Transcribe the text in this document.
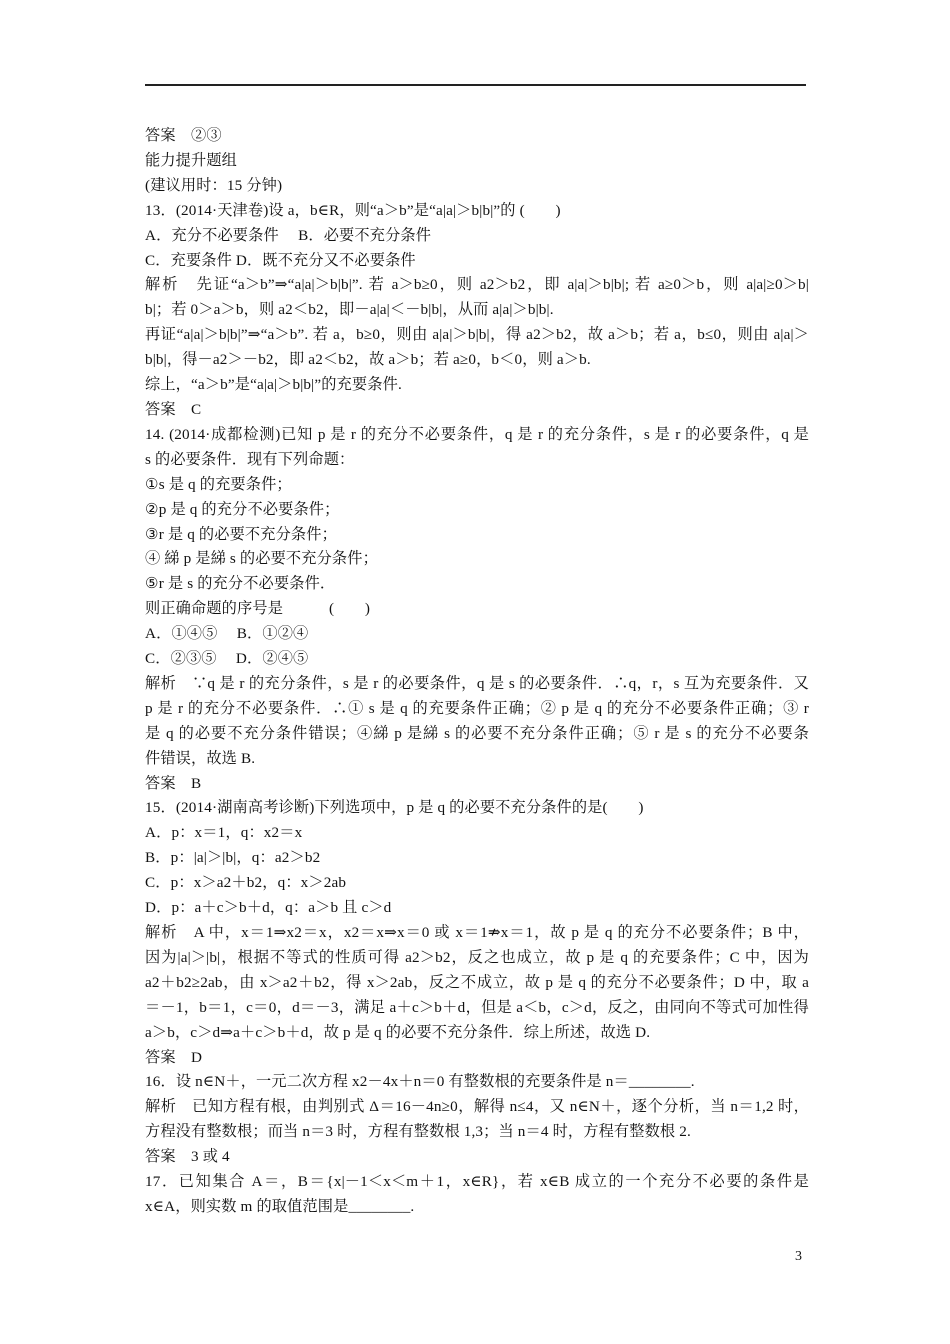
答案　②③
能力提升题组
(建议用时：15 分钟)
13．(2014·天津卷)设 a，b∈R，则“a＞b”是“a|a|＞b|b|”的 (　　)
A．充分不必要条件　 B．必要不充分条件
C．充要条件 D．既不充分又不必要条件
解析　先证“a＞b”⇒“a|a|＞b|b|”. 若 a＞b≥0，则 a2＞b2，即 a|a|＞b|b|; 若 a≥0＞b，则 a|a|≥0＞b|
b|；若 0＞a＞b，则 a2＜b2，即－a|a|＜－b|b|，从而 a|a|＞b|b|.
再证“a|a|＞b|b|”⇒“a＞b”. 若 a，b≥0，则由 a|a|＞b|b|，得 a2＞b2，故 a＞b；若 a，b≤0，则由 a|a|＞
b|b|，得－a2＞－b2，即 a2＜b2，故 a＞b；若 a≥0，b＜0，则 a＞b.
综上，“a＞b”是“a|a|＞b|b|”的充要条件.
答案　C
14. (2014·成都检测)已知 p 是 r 的充分不必要条件，q 是 r 的充分条件，s 是 r 的必要条件，q 是
s 的必要条件．现有下列命题：
①s 是 q 的充要条件；
②p 是 q 的充分不必要条件；
③r 是 q 的必要不充分条件；
④ 綈 p 是綈 s 的必要不充分条件；
⑤r 是 s 的充分不必要条件．
则正确命题的序号是　　　(　　)
A．①④⑤　 B．①②④
C．②③⑤　 D．②④⑤
解析　∵q 是 r 的充分条件，s 是 r 的必要条件，q 是 s 的必要条件．∴q，r，s 互为充要条件．又
p 是 r 的充分不必要条件．∴① s 是 q 的充要条件正确；② p 是 q 的充分不必要条件正确；③ r
是 q 的必要不充分条件错误；④綈 p 是綈 s 的必要不充分条件正确；⑤ r 是 s 的充分不必要条
件错误，故选 B.
答案　B
15．(2014·湖南高考诊断)下列选项中，p 是 q 的必要不充分条件的是(　　)
A．p：x＝1，q：x2＝x
B．p：|a|＞|b|，q：a2＞b2
C．p：x＞a2＋b2，q：x＞2ab
D．p：a＋c＞b＋d，q：a＞b 且 c＞d
解析　A 中，x＝1⇒x2＝x，x2＝x⇒x＝0 或 x＝1⇏x＝1，故 p 是 q 的充分不必要条件；B 中，
因为|a|＞|b|，根据不等式的性质可得 a2＞b2，反之也成立，故 p 是 q 的充要条件；C 中，因为
a2＋b2≥2ab，由 x＞a2＋b2，得 x＞2ab，反之不成立，故 p 是 q 的充分不必要条件；D 中，取 a
＝－1，b＝1，c＝0，d＝－3，满足 a＋c＞b＋d，但是 a＜b，c＞d，反之，由同向不等式可加性得
a＞b，c＞d⇒a＋c＞b＋d，故 p 是 q 的必要不充分条件．综上所述，故选 D.
答案　D
16．设 n∈N＋，一元二次方程 x2－4x＋n＝0 有整数根的充要条件是 n＝________.
解析　已知方程有根，由判别式 Δ＝16－4n≥0，解得 n≤4，又 n∈N＋，逐个分析，当 n＝1,2 时，
方程没有整数根；而当 n＝3 时，方程有整数根 1,3；当 n＝4 时，方程有整数根 2.
答案　3 或 4
17．已知集合 A＝，B＝{x|－1＜x＜m＋1，x∈R}，若 x∈B 成立的一个充分不必要的条件是
x∈A，则实数 m 的取值范围是________.
3
